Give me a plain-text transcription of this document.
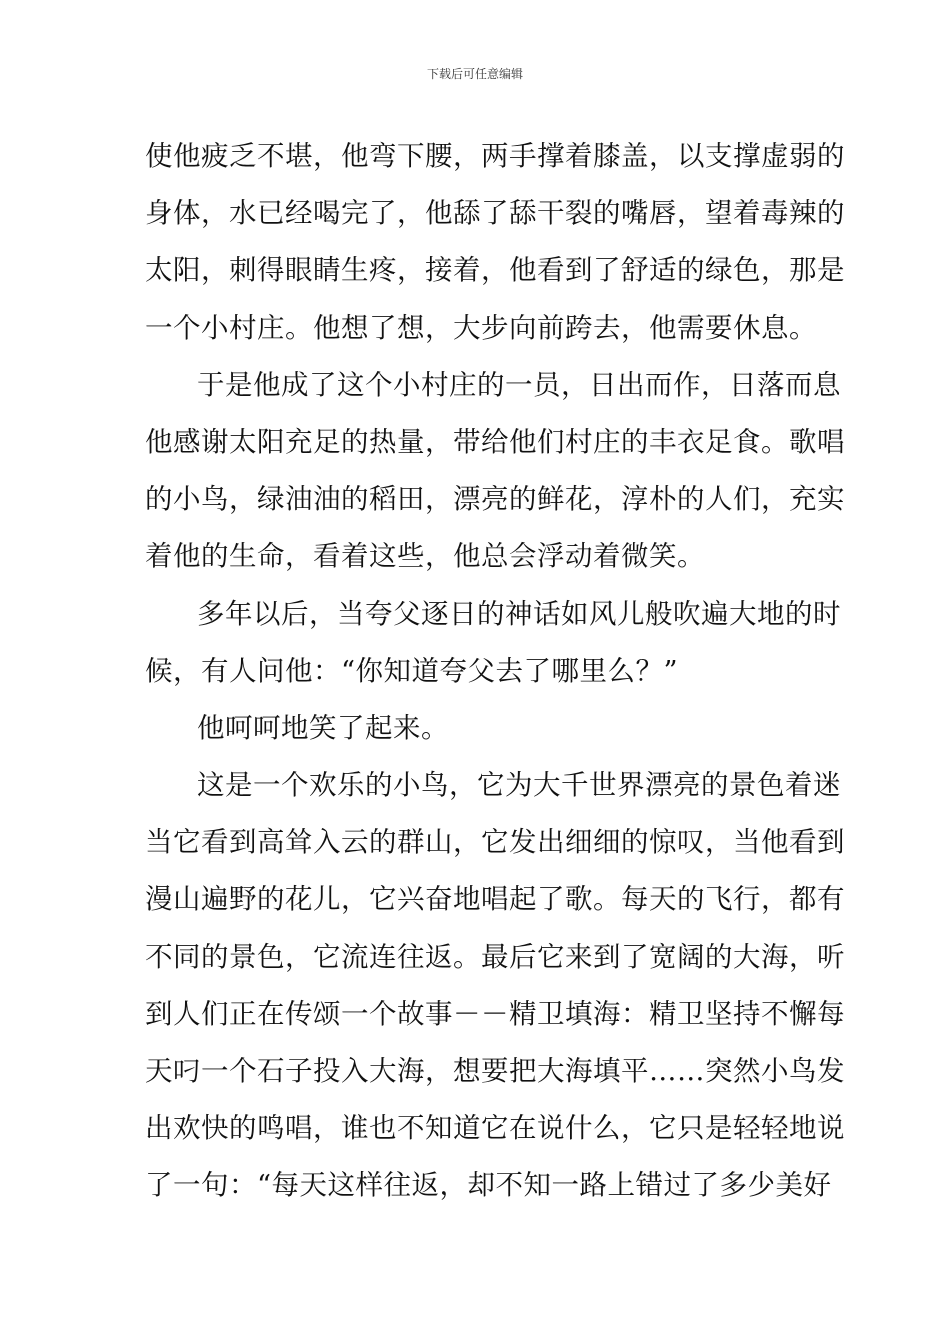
下载后可任意编辑
使他疲乏不堪，他弯下腰，两手撑着膝盖，以支撑虚弱的
身体，水已经喝完了，他舔了舔干裂的嘴唇，望着毒辣的
太阳，刺得眼睛生疼，接着，他看到了舒适的绿色，那是
一个小村庄。他想了想，大步向前跨去，他需要休息。
于是他成了这个小村庄的一员，日出而作，日落而息
他感谢太阳充足的热量，带给他们村庄的丰衣足食。歌唱
的小鸟，绿油油的稻田，漂亮的鲜花，淳朴的人们，充实
着他的生命，看着这些，他总会浮动着微笑。
多年以后，当夸父逐日的神话如风儿般吹遍大地的时
候，有人问他：“你知道夸父去了哪里么？”
他呵呵地笑了起来。
这是一个欢乐的小鸟，它为大千世界漂亮的景色着迷
当它看到高耸入云的群山，它发出细细的惊叹，当他看到
漫山遍野的花儿，它兴奋地唱起了歌。每天的飞行，都有
不同的景色，它流连往返。最后它来到了宽阔的大海，听
到人们正在传颂一个故事－－精卫填海：精卫坚持不懈每
天叼一个石子投入大海，想要把大海填平……突然小鸟发
出欢快的鸣唱，谁也不知道它在说什么，它只是轻轻地说
了一句：“每天这样往返，却不知一路上错过了多少美好
